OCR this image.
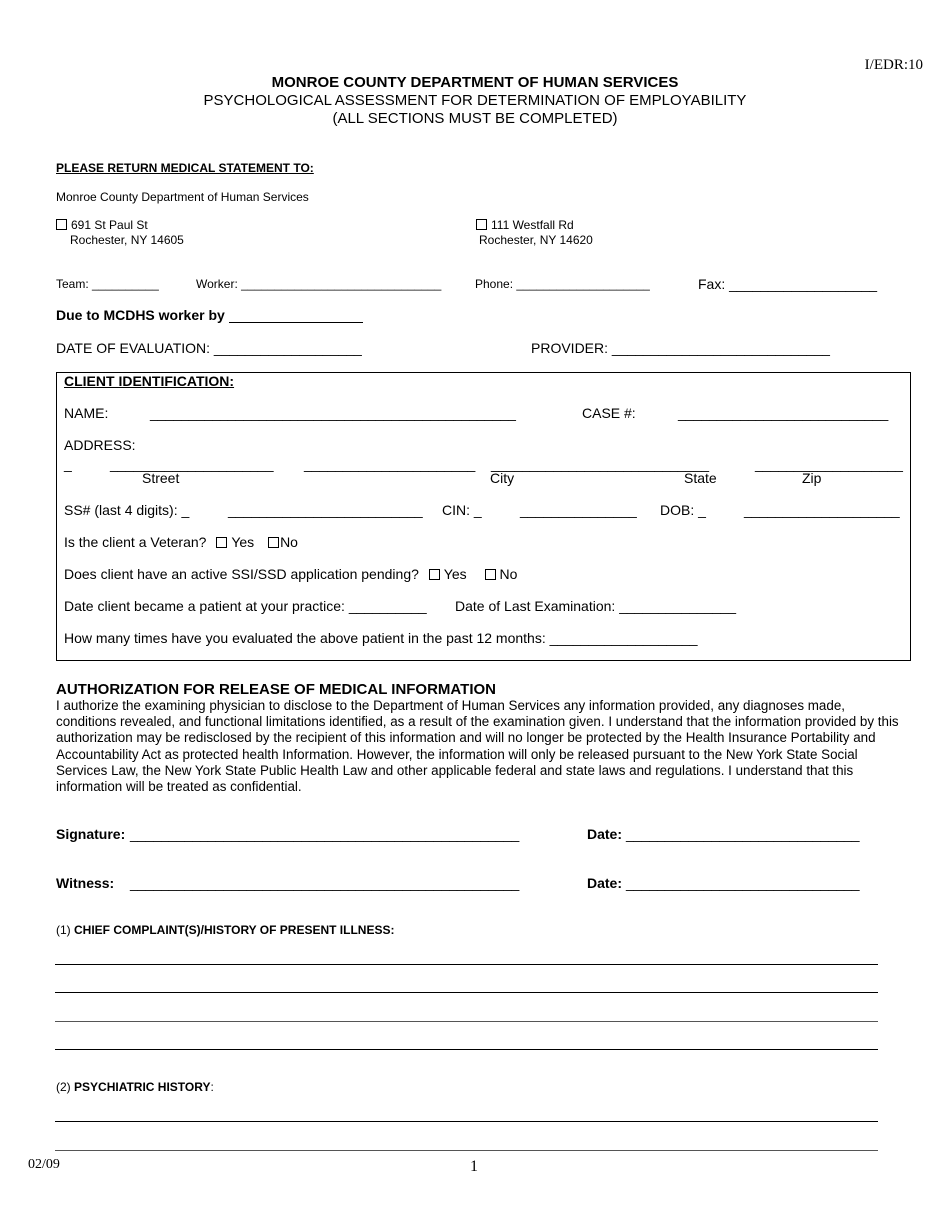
I/EDR:10
MONROE COUNTY DEPARTMENT OF HUMAN SERVICES
PSYCHOLOGICAL ASSESSMENT FOR DETERMINATION OF EMPLOYABILITY
(ALL SECTIONS MUST BE COMPLETED)
PLEASE RETURN MEDICAL STATEMENT TO:
Monroe County Department of Human Services
691 St Paul St
Rochester, NY 14605
111 Westfall Rd
Rochester, NY 14620
Team: __________	Worker: ______________________________	Phone: ____________________	Fax: ___________________
Due to MCDHS worker by
DATE OF EVALUATION: ___________________	PROVIDER: ____________________________
CLIENT IDENTIFICATION:
NAME:	_______________________________________________	CASE #:	___________________________
ADDRESS:
_	_____________________ ______________________ ____________________________	___________________
Street	City	State	Zip
SS# (last 4 digits): _	_________________________ CIN: _	_______________ DOB: _	____________________
Is the client a Veteran? Yes No
Does client have an active SSI/SSD application pending? Yes No
Date client became a patient at your practice: __________ Date of Last Examination: _______________
How many times have you evaluated the above patient in the past 12 months: ___________________
AUTHORIZATION FOR RELEASE OF MEDICAL INFORMATION
I authorize the examining physician to disclose to the Department of Human Services any information provided, any diagnoses made, conditions revealed, and functional limitations identified, as a result of the examination given. I understand that the information provided by this authorization may be redisclosed by the recipient of this information and will no longer be protected by the Health Insurance Portability and Accountability Act as protected health Information. However, the information will only be released pursuant to the New York State Social Services Law, the New York State Public Health Law and other applicable federal and state laws and regulations. I understand that this information will be treated as confidential.
Signature: __________________________________________________	Date: ______________________________
Witness: __________________________________________________	Date: ______________________________
(1) CHIEF COMPLAINT(S)/HISTORY OF PRESENT ILLNESS:
(2) PSYCHIATRIC HISTORY:
02/09	1
